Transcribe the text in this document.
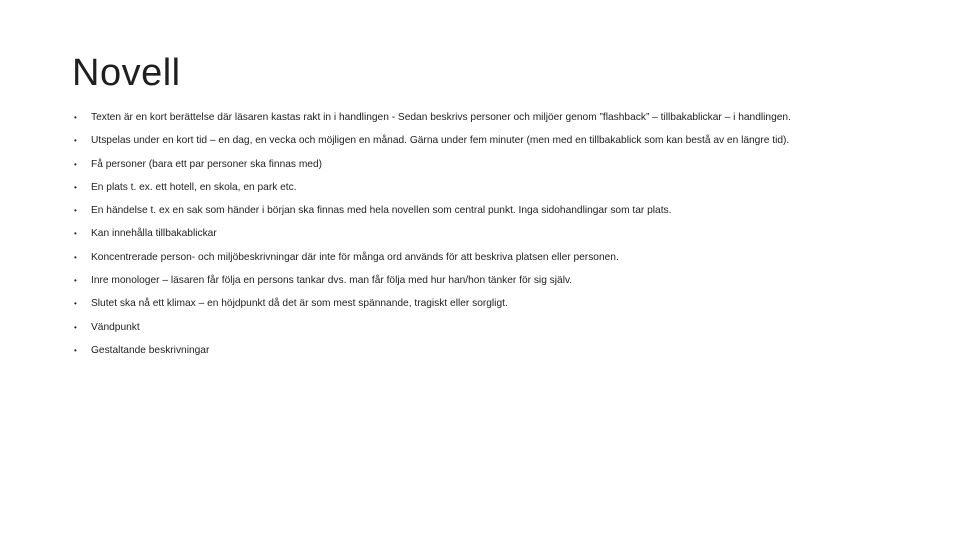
Novell
•	Texten är en kort berättelse där läsaren kastas rakt in i handlingen - Sedan beskrivs personer och miljöer genom ”flashback” – tillbakablickar – i handlingen.
•	Utspelas under en kort tid – en dag, en vecka och möjligen en månad. Gärna under fem minuter (men med en tillbakablick som kan bestå av en längre tid).
•	Få personer (bara ett par personer ska finnas med)
•	En plats t. ex. ett hotell, en skola, en park etc.
•	En händelse t. ex en sak som händer i början ska finnas med hela novellen som central punkt. Inga sidohandlingar som tar plats.
•	Kan innehålla tillbakablickar
•	Koncentrerade person- och miljöbeskrivningar där inte för många ord används för att beskriva platsen eller personen.
•	Inre monologer – läsaren får följa en persons tankar dvs. man får följa med hur han/hon tänker för sig själv.
•	Slutet ska nå ett klimax – en höjdpunkt då det är som mest spännande, tragiskt eller sorgligt.
•	Vändpunkt
•	Gestaltande beskrivningar
